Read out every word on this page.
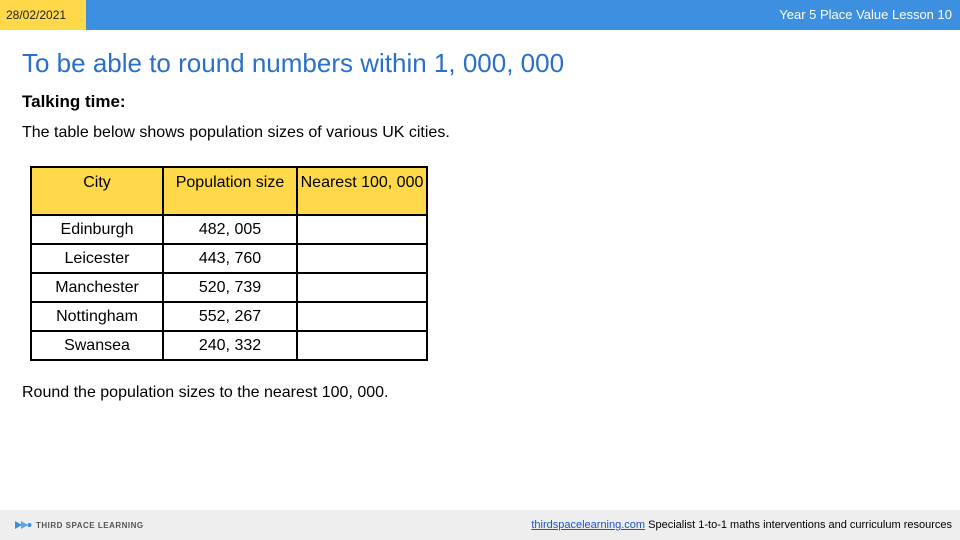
28/02/2021	Year 5 Place Value Lesson 10
To be able to round numbers within 1, 000, 000
Talking time:
The table below shows population sizes of various UK cities.
City	Population size	Nearest 100, 000
Edinburgh	482, 005	
Leicester	443, 760	
Manchester	520, 739	
Nottingham	552, 267	
Swansea	240, 332	
Round the population sizes to the nearest 100, 000.
THIRD SPACE LEARNING	thirdspacelearning.com Specialist 1-to-1 maths interventions and curriculum resources
